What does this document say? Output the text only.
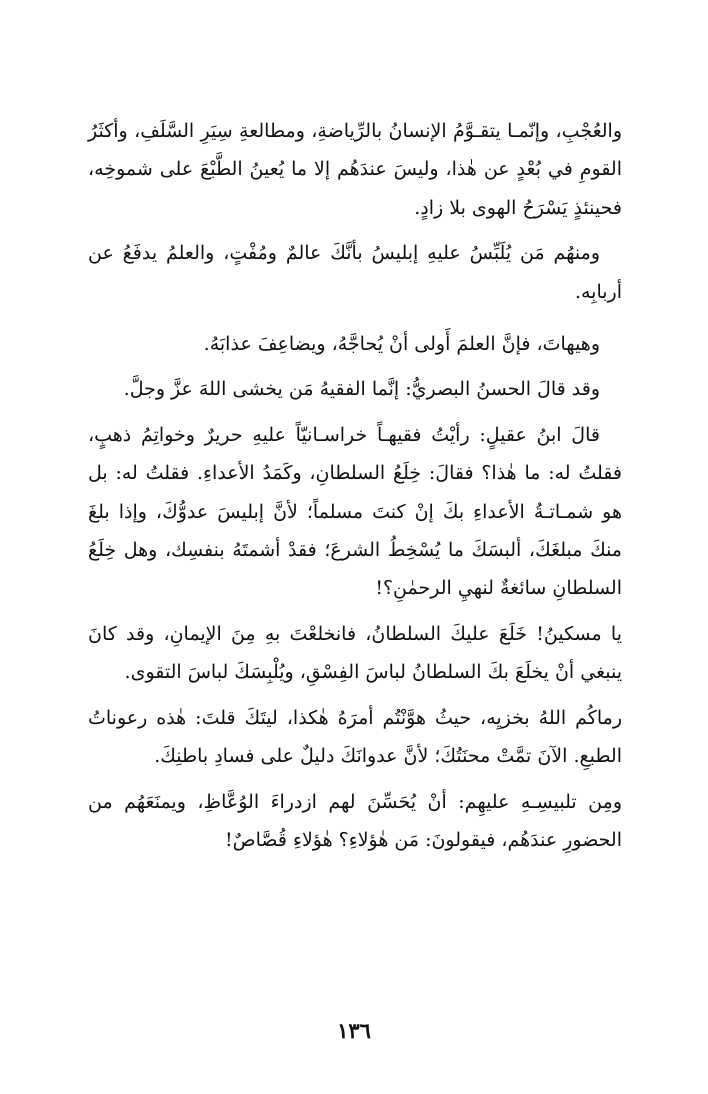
والعُجْبِ، وإنّمـا يتقـوَّمُ الإنسانُ بالرِّياضةِ، ومطالعةِ سِيَرِ السَّلَفِ، وأكثَرُ القومِ في بُعْدٍ عن هٰذا، وليسَ عندَهُم إلا ما يُعينُ الطَّبْعَ على شموخِه، فحينئذٍ يَسْرَحُ الهوى بلا زادٍ.

ومنهُم مَن يُلَبِّسُ عليهِ إبليسُ بأنَّكَ عالمٌ ومُفْتٍ، والعلمُ يدفَعُ عن أربابِه.

وهيهاتَ، فإنَّ العلمَ أَولى أنْ يُحاجَّهُ، ويضاعِفَ عذابَهُ.

وقد قالَ الحسنُ البصريُّ: إنَّما الفقيهُ مَن يخشى اللهَ عزَّ وجلَّ.

قالَ ابنُ عقيلٍ: رأيْتُ فقيهـاً خراسـانيّاً عليهِ حريرٌ وخواتِمُ ذهبٍ، فقلتُ له: ما هٰذا؟ فقالَ: خِلَعُ السلطانِ، وكَمَدُ الأعداءِ. فقلتُ له: بل هو شمـاتـةُ الأعداءِ بكَ إنْ كنتَ مسلماً؛ لأنَّ إبليسَ عدوُّكَ، وإذا بلغَ منكَ مبلغَكَ، ألبسَكَ ما يُسْخِطُ الشرعَ؛ فقدْ أشمتَهُ بنفسِك، وهل خِلَعُ السلطانِ سائغةٌ لنهيِ الرحمٰنِ؟!

يا مسكينُ! خَلَعَ عليكَ السلطانُ، فانخلعْتَ بهِ مِنَ الإيمانِ، وقد كانَ ينبغي أنْ يخلَعَ بكَ السلطانُ لباسَ الفِسْقِ، ويُلْبِسَكَ لباسَ التقوى.

رماكُم اللهُ بخزيِه، حيثُ هوَّنْتُم أمرَهُ هٰكذا، ليتَكَ قلتَ: هٰذه رعوناتُ الطبعِ. الآنَ تمَّتْ محنَتُكَ؛ لأنَّ عدوانَكَ دليلٌ على فسادِ باطنِكَ.

ومِن تلبيسِـهِ عليهِم: أنْ يُحَسِّنَ لهم ازدراءَ الوُعَّاظِ، ويمنَعَهُم من الحضورِ عندَهُم، فيقولونَ: مَن هٰؤلاءِ؟ هٰؤلاءِ قُصَّاصٌ!

١٣٦
